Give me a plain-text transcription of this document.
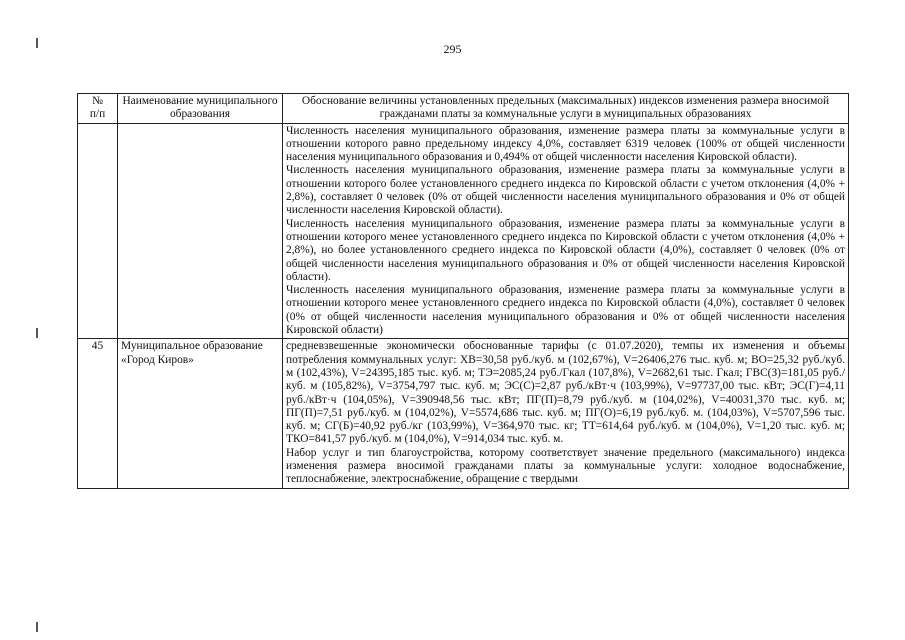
295
№
п/п	Наименование муниципального образования	Обоснование величины установленных предельных (максимальных) индексов изменения размера вносимой гражданами платы за коммунальные услуги в муниципальных образованиях

		Численность населения муниципального образования, изменение размера платы за коммунальные услуги в отношении которого равно предельному индексу 4,0%, составляет 6319 человек (100% от общей численности населения муниципального образования и 0,494% от общей численности населения Кировской области).

Численность населения муниципального образования, изменение размера платы за коммунальные услуги в отношении которого более установленного среднего индекса по Кировской области с учетом отклонения (4,0% + 2,8%), составляет 0 человек (0% от общей численности населения муниципального образования и 0% от общей численности населения Кировской области).

Численность населения муниципального образования, изменение размера платы за коммунальные услуги в отношении которого менее установленного среднего индекса по Кировской области с учетом отклонения (4,0% + 2,8%), но более установленного среднего индекса по Кировской области (4,0%), составляет 0 человек (0% от общей численности населения муниципального образования и 0% от общей численности населения Кировской области).

Численность населения муниципального образования, изменение размера платы за коммунальные услуги в отношении которого менее установленного среднего индекса по Кировской области (4,0%), составляет 0 человек (0% от общей численности населения муниципального образования и 0% от общей численности населения Кировской области)

45	Муниципальное образование «Город Киров»	средневзвешенные экономически обоснованные тарифы (с 01.07.2020), темпы их изменения и объемы потребления коммунальных услуг: ХВ=30,58 руб./куб. м (102,67%), V=26406,276 тыс. куб. м; ВО=25,32 руб./куб. м (102,43%), V=24395,185 тыс. куб. м; ТЭ=2085,24 руб./Гкал (107,8%), V=2682,61 тыс. Гкал; ГВС(З)=181,05 руб./куб. м (105,82%), V=3754,797 тыс. куб. м; ЭС(С)=2,87 руб./кВт·ч (103,99%), V=97737,00 тыс. кВт; ЭС(Г)=4,11 руб./кВт·ч (104,05%), V=390948,56 тыс. кВт; ПГ(П)=8,79 руб./куб. м (104,02%), V=40031,370 тыс. куб. м; ПГ(П)=7,51 руб./куб. м (104,02%), V=5574,686 тыс. куб. м; ПГ(О)=6,19 руб./куб. м. (104,03%), V=5707,596 тыс. куб. м; СГ(Б)=40,92 руб./кг (103,99%), V=364,970 тыс. кг; ТТ=614,64 руб./куб. м (104,0%), V=1,20 тыс. куб. м; ТКО=841,57 руб./куб. м (104,0%), V=914,034 тыс. куб. м.

Набор услуг и тип благоустройства, которому соответствует значение предельного (максимального) индекса изменения размера вносимой гражданами платы за коммунальные услуги: холодное водоснабжение, теплоснабжение, электроснабжение, обращение с твердыми
